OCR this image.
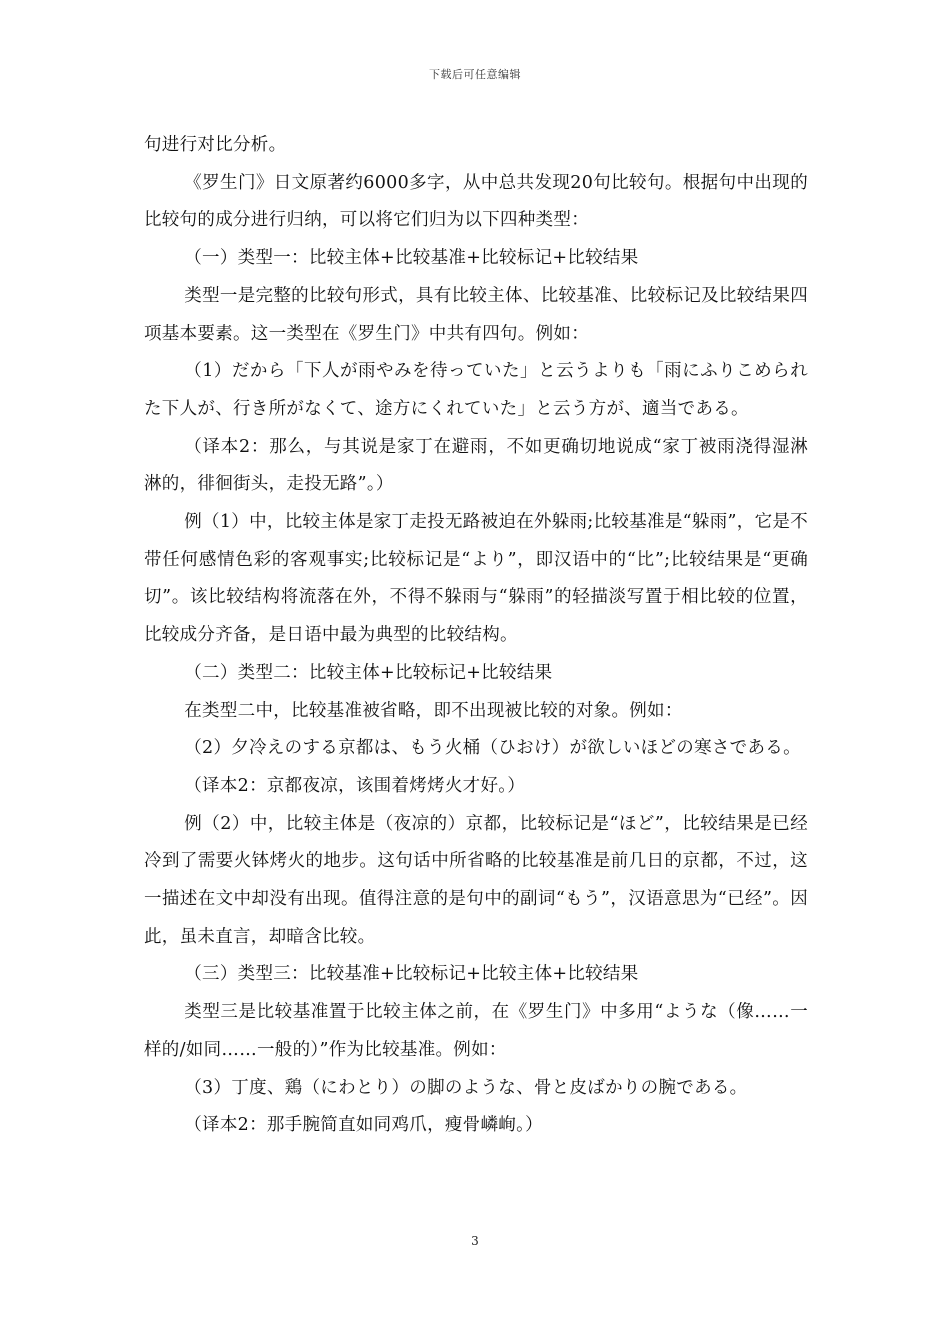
下载后可任意编辑

句进行对比分析。

《罗生门》日文原著约6000多字，从中总共发现20句比较句。根据句中出现的比较句的成分进行归纳，可以将它们归为以下四种类型：

（一）类型一：比较主体+比较基准+比较标记+比较结果

类型一是完整的比较句形式，具有比较主体、比较基准、比较标记及比较结果四项基本要素。这一类型在《罗生门》中共有四句。例如：

（1）だから「下人が雨やみを待っていた」と云うよりも「雨にふりこめられた下人が、行き所がなくて、途方にくれていた」と云う方が、適当である。

（译本2：那么，与其说是家丁在避雨，不如更确切地说成“家丁被雨浇得湿淋淋的，徘徊街头，走投无路”。）

例（1）中，比较主体是家丁走投无路被迫在外躲雨;比较基准是“躲雨”，它是不带任何感情色彩的客观事实;比较标记是“より”，即汉语中的“比”;比较结果是“更确切”。该比较结构将流落在外，不得不躲雨与“躲雨”的轻描淡写置于相比较的位置，比较成分齐备，是日语中最为典型的比较结构。

（二）类型二：比较主体+比较标记+比较结果

在类型二中，比较基准被省略，即不出现被比较的对象。例如：

（2）夕冷えのする京都は、もう火桶（ひおけ）が欲しいほどの寒さである。

（译本2：京都夜凉，该围着烤烤火才好。）

例（2）中，比较主体是（夜凉的）京都，比较标记是“ほど”，比较结果是已经冷到了需要火钵烤火的地步。这句话中所省略的比较基准是前几日的京都，不过，这一描述在文中却没有出现。值得注意的是句中的副词“もう”，汉语意思为“已经”。因此，虽未直言，却暗含比较。

（三）类型三：比较基准+比较标记+比较主体+比较结果

类型三是比较基准置于比较主体之前，在《罗生门》中多用“ような（像……一样的/如同……一般的）”作为比较基准。例如：

（3）丁度、鶏（にわとり）の脚のような、骨と皮ばかりの腕である。

（译本2：那手腕简直如同鸡爪，瘦骨嶙峋。）

3
